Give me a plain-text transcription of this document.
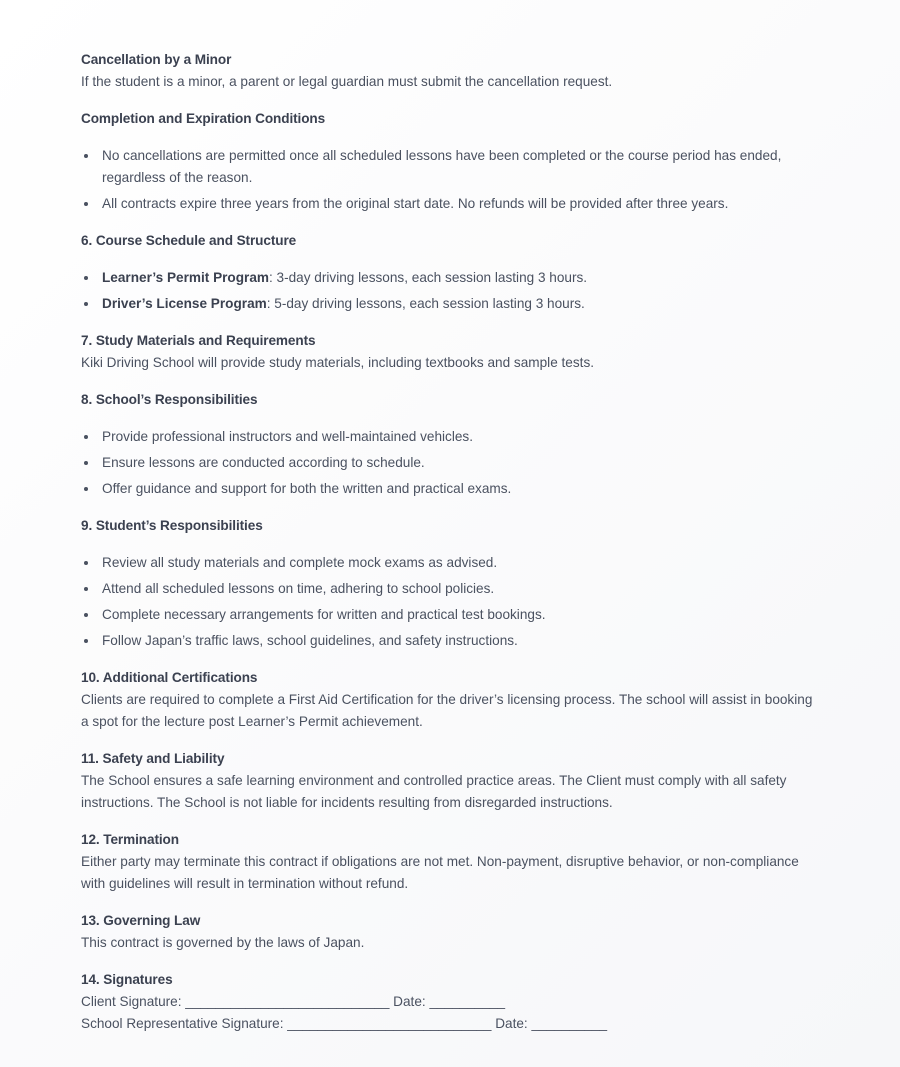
Cancellation by a Minor

If the student is a minor, a parent or legal guardian must submit the cancellation request.

Completion and Expiration Conditions

No cancellations are permitted once all scheduled lessons have been completed or the course period has ended, regardless of the reason.
All contracts expire three years from the original start date. No refunds will be provided after three years.

6. Course Schedule and Structure

Learner’s Permit Program: 3-day driving lessons, each session lasting 3 hours.
Driver’s License Program: 5-day driving lessons, each session lasting 3 hours.

7. Study Materials and Requirements

Kiki Driving School will provide study materials, including textbooks and sample tests.

8. School’s Responsibilities

Provide professional instructors and well-maintained vehicles.
Ensure lessons are conducted according to schedule.
Offer guidance and support for both the written and practical exams.

9. Student’s Responsibilities

Review all study materials and complete mock exams as advised.
Attend all scheduled lessons on time, adhering to school policies.
Complete necessary arrangements for written and practical test bookings.
Follow Japan’s traffic laws, school guidelines, and safety instructions.

10. Additional Certifications

Clients are required to complete a First Aid Certification for the driver’s licensing process. The school will assist in booking a spot for the lecture post Learner’s Permit achievement.

11. Safety and Liability

The School ensures a safe learning environment and controlled practice areas. The Client must comply with all safety instructions. The School is not liable for incidents resulting from disregarded instructions.

12. Termination

Either party may terminate this contract if obligations are not met. Non-payment, disruptive behavior, or non-compliance with guidelines will result in termination without refund.

13. Governing Law

This contract is governed by the laws of Japan.

14. Signatures

Client Signature: ___________________________ Date: __________

School Representative Signature: ___________________________ Date: __________
